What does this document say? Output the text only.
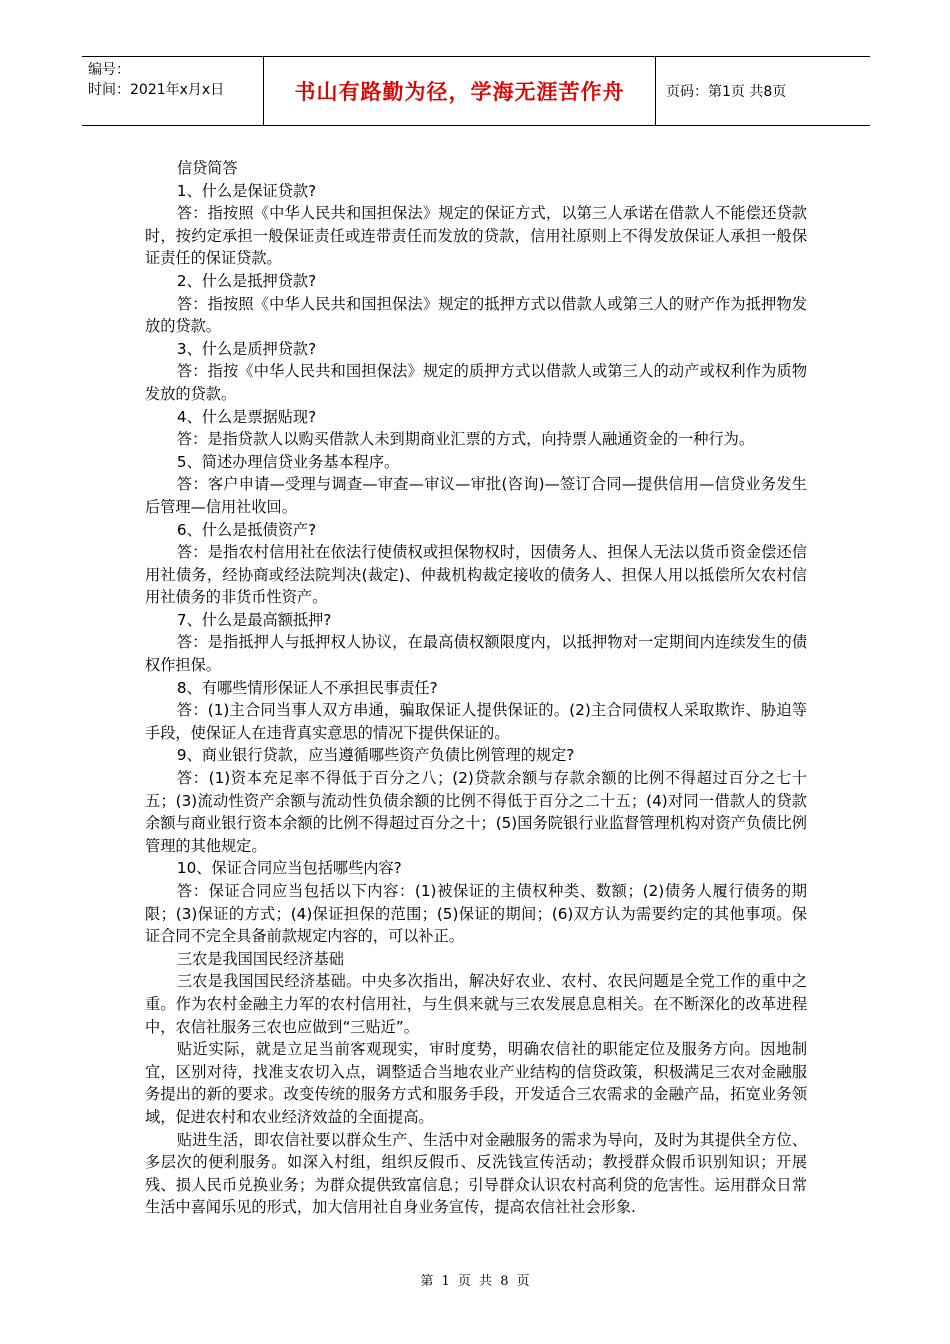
编号：
时间：2021年x月x日	书山有路勤为径，学海无涯苦作舟	页码：第1页 共8页

信贷简答

1、什么是保证贷款?

答：指按照《中华人民共和国担保法》规定的保证方式，以第三人承诺在借款人不能偿还贷款时，按约定承担一般保证责任或连带责任而发放的贷款，信用社原则上不得发放保证人承担一般保证责任的保证贷款。

2、什么是抵押贷款?

答：指按照《中华人民共和国担保法》规定的抵押方式以借款人或第三人的财产作为抵押物发放的贷款。

3、什么是质押贷款?

答：指按《中华人民共和国担保法》规定的质押方式以借款人或第三人的动产或权利作为质物发放的贷款。

4、什么是票据贴现?

答：是指贷款人以购买借款人未到期商业汇票的方式，向持票人融通资金的一种行为。

5、简述办理信贷业务基本程序。

答：客户申请—受理与调查—审查—审议—审批(咨询)—签订合同—提供信用—信贷业务发生后管理—信用社收回。

6、什么是抵债资产?

答：是指农村信用社在依法行使债权或担保物权时，因债务人、担保人无法以货币资金偿还信用社债务，经协商或经法院判决(裁定)、仲裁机构裁定接收的债务人、担保人用以抵偿所欠农村信用社债务的非货币性资产。

7、什么是最高额抵押?

答：是指抵押人与抵押权人协议，在最高债权额限度内，以抵押物对一定期间内连续发生的债权作担保。

8、有哪些情形保证人不承担民事责任?

答：(1)主合同当事人双方串通，骗取保证人提供保证的。(2)主合同债权人采取欺诈、胁迫等手段，使保证人在违背真实意思的情况下提供保证的。

9、商业银行贷款，应当遵循哪些资产负债比例管理的规定?

答：(1)资本充足率不得低于百分之八；(2)贷款余额与存款余额的比例不得超过百分之七十五；(3)流动性资产余额与流动性负债余额的比例不得低于百分之二十五；(4)对同一借款人的贷款余额与商业银行资本余额的比例不得超过百分之十；(5)国务院银行业监督管理机构对资产负债比例管理的其他规定。

10、保证合同应当包括哪些内容?

答：保证合同应当包括以下内容：(1)被保证的主债权种类、数额；(2)债务人履行债务的期限；(3)保证的方式；(4)保证担保的范围；(5)保证的期间；(6)双方认为需要约定的其他事项。保证合同不完全具备前款规定内容的，可以补正。

三农是我国国民经济基础

三农是我国国民经济基础。中央多次指出，解决好农业、农村、农民问题是全党工作的重中之重。作为农村金融主力军的农村信用社，与生俱来就与三农发展息息相关。在不断深化的改革进程中，农信社服务三农也应做到“三贴近”。

贴近实际，就是立足当前客观现实，审时度势，明确农信社的职能定位及服务方向。因地制宜，区别对待，找准支农切入点，调整适合当地农业产业结构的信贷政策，积极满足三农对金融服务提出的新的要求。改变传统的服务方式和服务手段，开发适合三农需求的金融产品，拓宽业务领域，促进农村和农业经济效益的全面提高。

贴进生活，即农信社要以群众生产、生活中对金融服务的需求为导向，及时为其提供全方位、多层次的便利服务。如深入村组，组织反假币、反洗钱宣传活动；教授群众假币识别知识；开展残、损人民币兑换业务；为群众提供致富信息；引导群众认识农村高利贷的危害性。运用群众日常生活中喜闻乐见的形式，加大信用社自身业务宣传，提高农信社社会形象.

第 1 页 共 8 页
